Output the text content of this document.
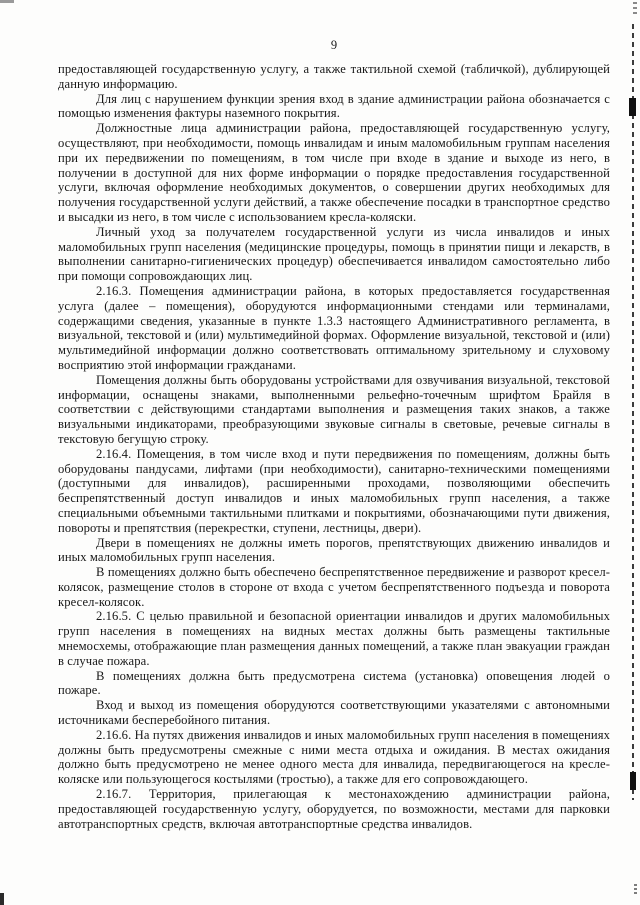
9

предоставляющей государственную услугу, а также тактильной схемой (табличкой), дублирующей данную информацию.

Для лиц с нарушением функции зрения вход в здание администрации района обозначается с помощью изменения фактуры наземного покрытия.

Должностные лица администрации района, предоставляющей государственную услугу, осуществляют, при необходимости, помощь инвалидам и иным маломобильным группам населения при их передвижении по помещениям, в том числе при входе в здание и выходе из него, в получении в доступной для них форме информации о порядке предоставления государственной услуги, включая оформление необходимых документов, о совершении других необходимых для получения государственной услуги действий, а также обеспечение посадки в транспортное средство и высадки из него, в том числе с использованием кресла-коляски.

Личный уход за получателем государственной услуги из числа инвалидов и иных маломобильных групп населения (медицинские процедуры, помощь в принятии пищи и лекарств, в выполнении санитарно-гигиенических процедур) обеспечивается инвалидом самостоятельно либо при помощи сопровождающих лиц.

2.16.3. Помещения администрации района, в которых предоставляется государственная услуга (далее – помещения), оборудуются информационными стендами или терминалами, содержащими сведения, указанные в пункте 1.3.3 настоящего Административного регламента, в визуальной, текстовой и (или) мультимедийной формах. Оформление визуальной, текстовой и (или) мультимедийной информации должно соответствовать оптимальному зрительному и слуховому восприятию этой информации гражданами.

Помещения должны быть оборудованы устройствами для озвучивания визуальной, текстовой информации, оснащены знаками, выполненными рельефно-точечным шрифтом Брайля в соответствии с действующими стандартами выполнения и размещения таких знаков, а также визуальными индикаторами, преобразующими звуковые сигналы в световые, речевые сигналы в текстовую бегущую строку.

2.16.4. Помещения, в том числе вход и пути передвижения по помещениям, должны быть оборудованы пандусами, лифтами (при необходимости), санитарно-техническими помещениями (доступными для инвалидов), расширенными проходами, позволяющими обеспечить беспрепятственный доступ инвалидов и иных маломобильных групп населения, а также специальными объемными тактильными плитками и покрытиями, обозначающими пути движения, повороты и препятствия (перекрестки, ступени, лестницы, двери).

Двери в помещениях не должны иметь порогов, препятствующих движению инвалидов и иных маломобильных групп населения.

В помещениях должно быть обеспечено беспрепятственное передвижение и разворот кресел-колясок, размещение столов в стороне от входа с учетом беспрепятственного подъезда и поворота кресел-колясок.

2.16.5. С целью правильной и безопасной ориентации инвалидов и других маломобильных групп населения в помещениях на видных местах должны быть размещены тактильные мнемосхемы, отображающие план размещения данных помещений, а также план эвакуации граждан в случае пожара.

В помещениях должна быть предусмотрена система (установка) оповещения людей о пожаре.

Вход и выход из помещения оборудуются соответствующими указателями с автономными источниками бесперебойного питания.

2.16.6. На путях движения инвалидов и иных маломобильных групп населения в помещениях должны быть предусмотрены смежные с ними места отдыха и ожидания. В местах ожидания должно быть предусмотрено не менее одного места для инвалида, передвигающегося на кресле-коляске или пользующегося костылями (тростью), а также для его сопровождающего.

2.16.7. Территория, прилегающая к местонахождению администрации района, предоставляющей государственную услугу, оборудуется, по возможности, местами для парковки автотранспортных средств, включая автотранспортные средства инвалидов.
